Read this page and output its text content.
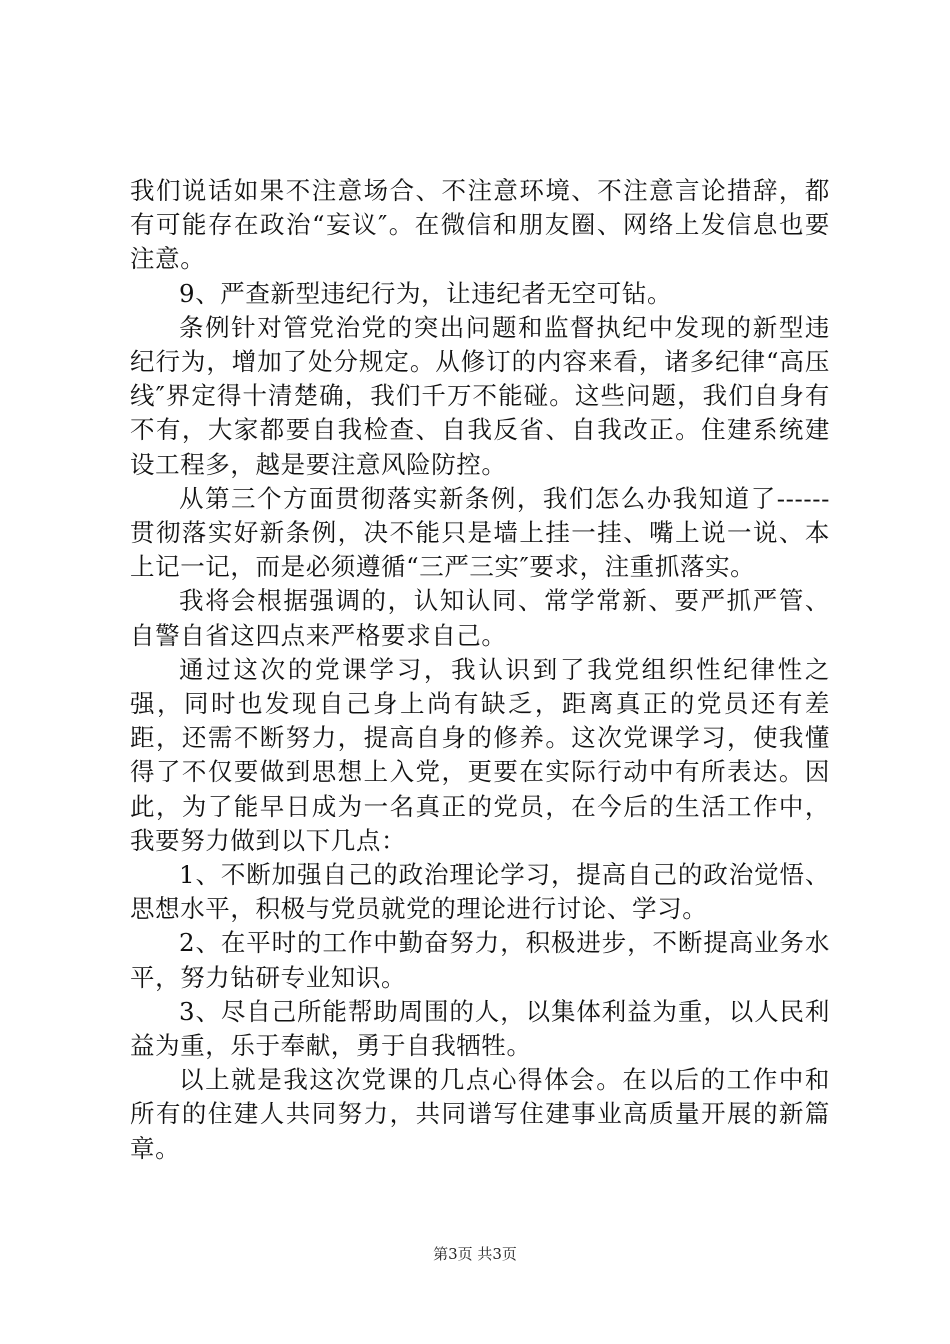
我们说话如果不注意场合、不注意环境、不注意言论措辞，都有可能存在政治“妄议″。在微信和朋友圈、网络上发信息也要注意。

9、严查新型违纪行为，让违纪者无空可钻。

条例针对管党治党的突出问题和监督执纪中发现的新型违纪行为，增加了处分规定。从修订的内容来看，诸多纪律“高压线″界定得十清楚确，我们千万不能碰。这些问题，我们自身有不有，大家都要自我检查、自我反省、自我改正。住建系统建设工程多，越是要注意风险防控。

从第三个方面贯彻落实新条例，我们怎么办我知道了------贯彻落实好新条例，决不能只是墙上挂一挂、嘴上说一说、本上记一记，而是必须遵循“三严三实″要求，注重抓落实。

我将会根据强调的，认知认同、常学常新、要严抓严管、自警自省这四点来严格要求自己。

通过这次的党课学习，我认识到了我党组织性纪律性之强，同时也发现自己身上尚有缺乏，距离真正的党员还有差距，还需不断努力，提高自身的修养。这次党课学习，使我懂得了不仅要做到思想上入党，更要在实际行动中有所表达。因此，为了能早日成为一名真正的党员，在今后的生活工作中，我要努力做到以下几点：

1、不断加强自己的政治理论学习，提高自己的政治觉悟、思想水平，积极与党员就党的理论进行讨论、学习。

2、在平时的工作中勤奋努力，积极进步，不断提高业务水平，努力钻研专业知识。

3、尽自己所能帮助周围的人，以集体利益为重，以人民利益为重，乐于奉献，勇于自我牺牲。

以上就是我这次党课的几点心得体会。在以后的工作中和所有的住建人共同努力，共同谱写住建事业高质量开展的新篇章。

第3页 共3页
